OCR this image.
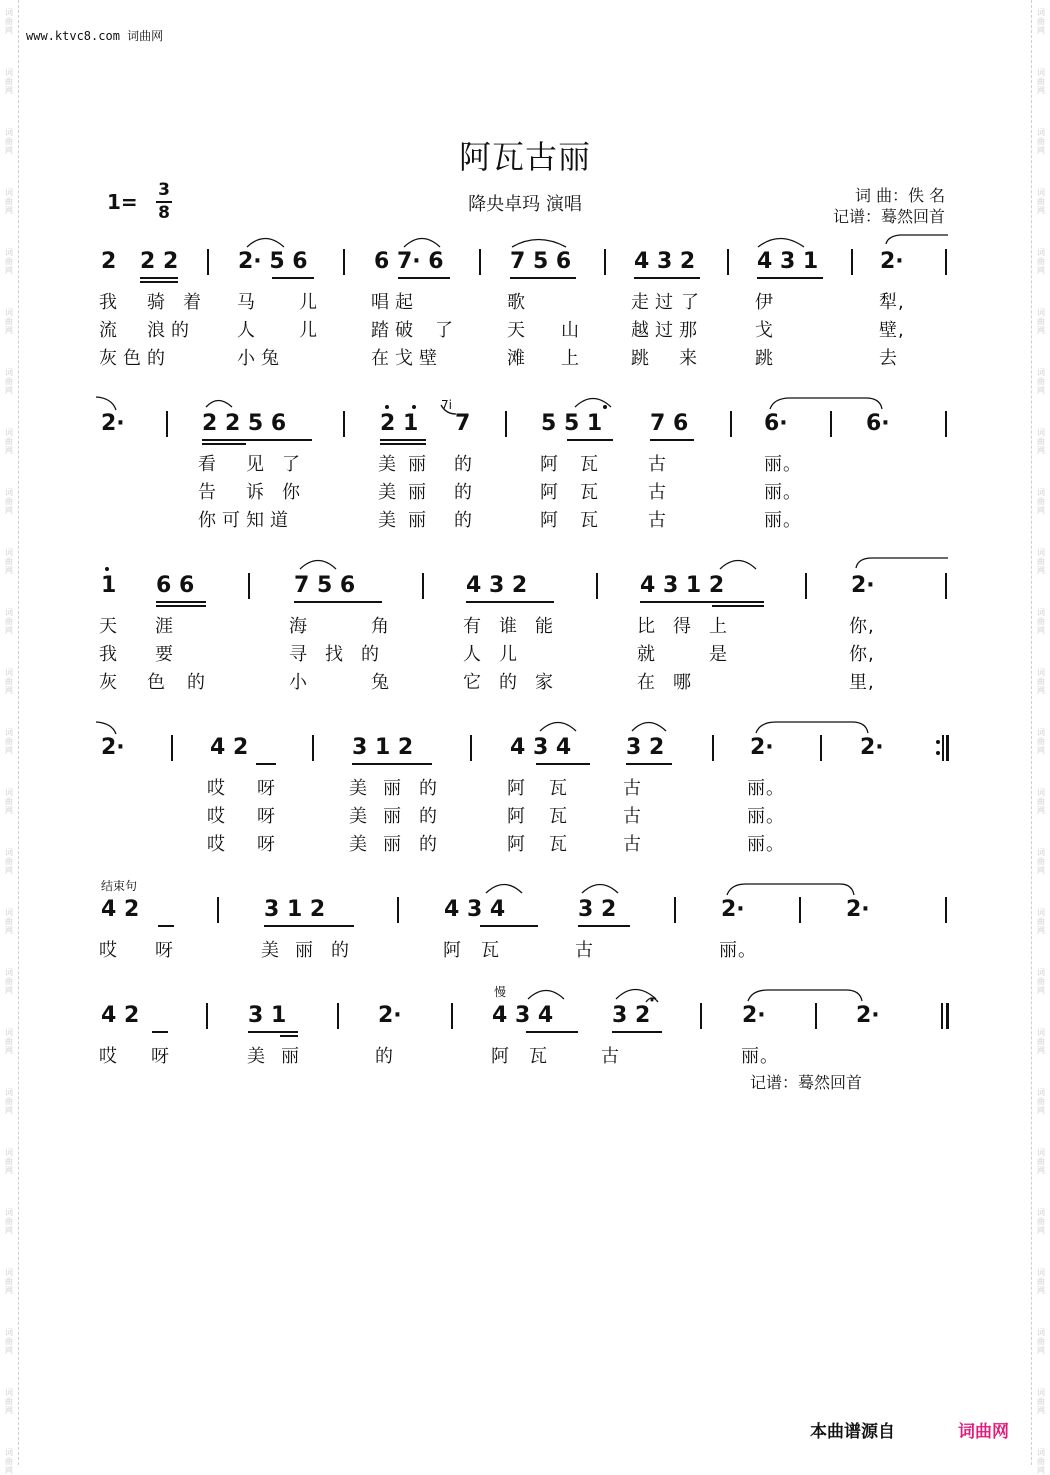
词
曲
网
词
曲
网
词
曲
网
词
曲
网
词
曲
网
词
曲
网
词
曲
网
词
曲
网
词
曲
网
词
曲
网
词
曲
网
词
曲
网
词
曲
网
词
曲
网
词
曲
网
词
曲
网
词
曲
网
词
曲
网
词
曲
网
词
曲
网
词
曲
网
词
曲
网
词
曲
网
词
曲
网
词
曲
网
词
曲
网
词
曲
网
词
曲
网
词
曲
网
词
曲
网
词
曲
网
词
曲
网
词
曲
网
词
曲
网
词
曲
网
词
曲
网
词
曲
网
词
曲
网
词
曲
网
词
曲
网
词
曲
网
词
曲
网
词
曲
网
词
曲
网
词
曲
网
词
曲
网
词
曲
网
词
曲
网
词
曲
网
词
曲
网
www.ktvc8.com 词曲网
阿瓦古丽
降央卓玛 演唱	词 曲：佚 名
记谱：蓦然回首
1= 3
8
2 2 2	2· 5 6	6 7· 6	7 5 6	4 3 2	4 3 1	2·
我 骑 着 马 儿	唱 起	歌	走 过 了	伊	犁,
流 浪 的	人 儿	踏 破 了	天 山	越 过 那	戈	壁,
灰 色 的	小 兔	在 戈 壁	滩 上	跳 来	跳	去
2·	2 2 5 6	2 1
7i
7	5 5 1 7 6	6·	6·
看 见 了	美 丽 的	阿 瓦	古	丽。
告 诉 你	美 丽 的	阿 瓦	古	丽。
你 可 知 道	美 丽 的	阿 瓦	古	丽。
1 6 6	7 5 6	4 3 2	4 3 1 2	2·
天 涯	海	角	有 谁 能	比 得 上	你,
我 要	寻 找 的	人 儿	就	是	你,
灰 色 的	小	兔	它 的 家	在 哪	里,
2·	4 2	3 1 2	4 3 4 3 2	2·	2·
哎 呀	美 丽 的	阿 瓦	古	丽。
哎 呀	美 丽 的	阿 瓦	古	丽。
哎 呀	美 丽 的	阿 瓦	古	丽。
结束句
4 2	3 1 2	4 3 4	3 2	2·	2·
哎 呀	美 丽 的	阿 瓦	古	丽。
慢
4 2	3 1	2·	4 3 4	3 2	2·	2·
哎 呀	美 丽	的	阿 瓦	古	丽。
记谱：蓦然回首
本曲谱源自	词曲网
